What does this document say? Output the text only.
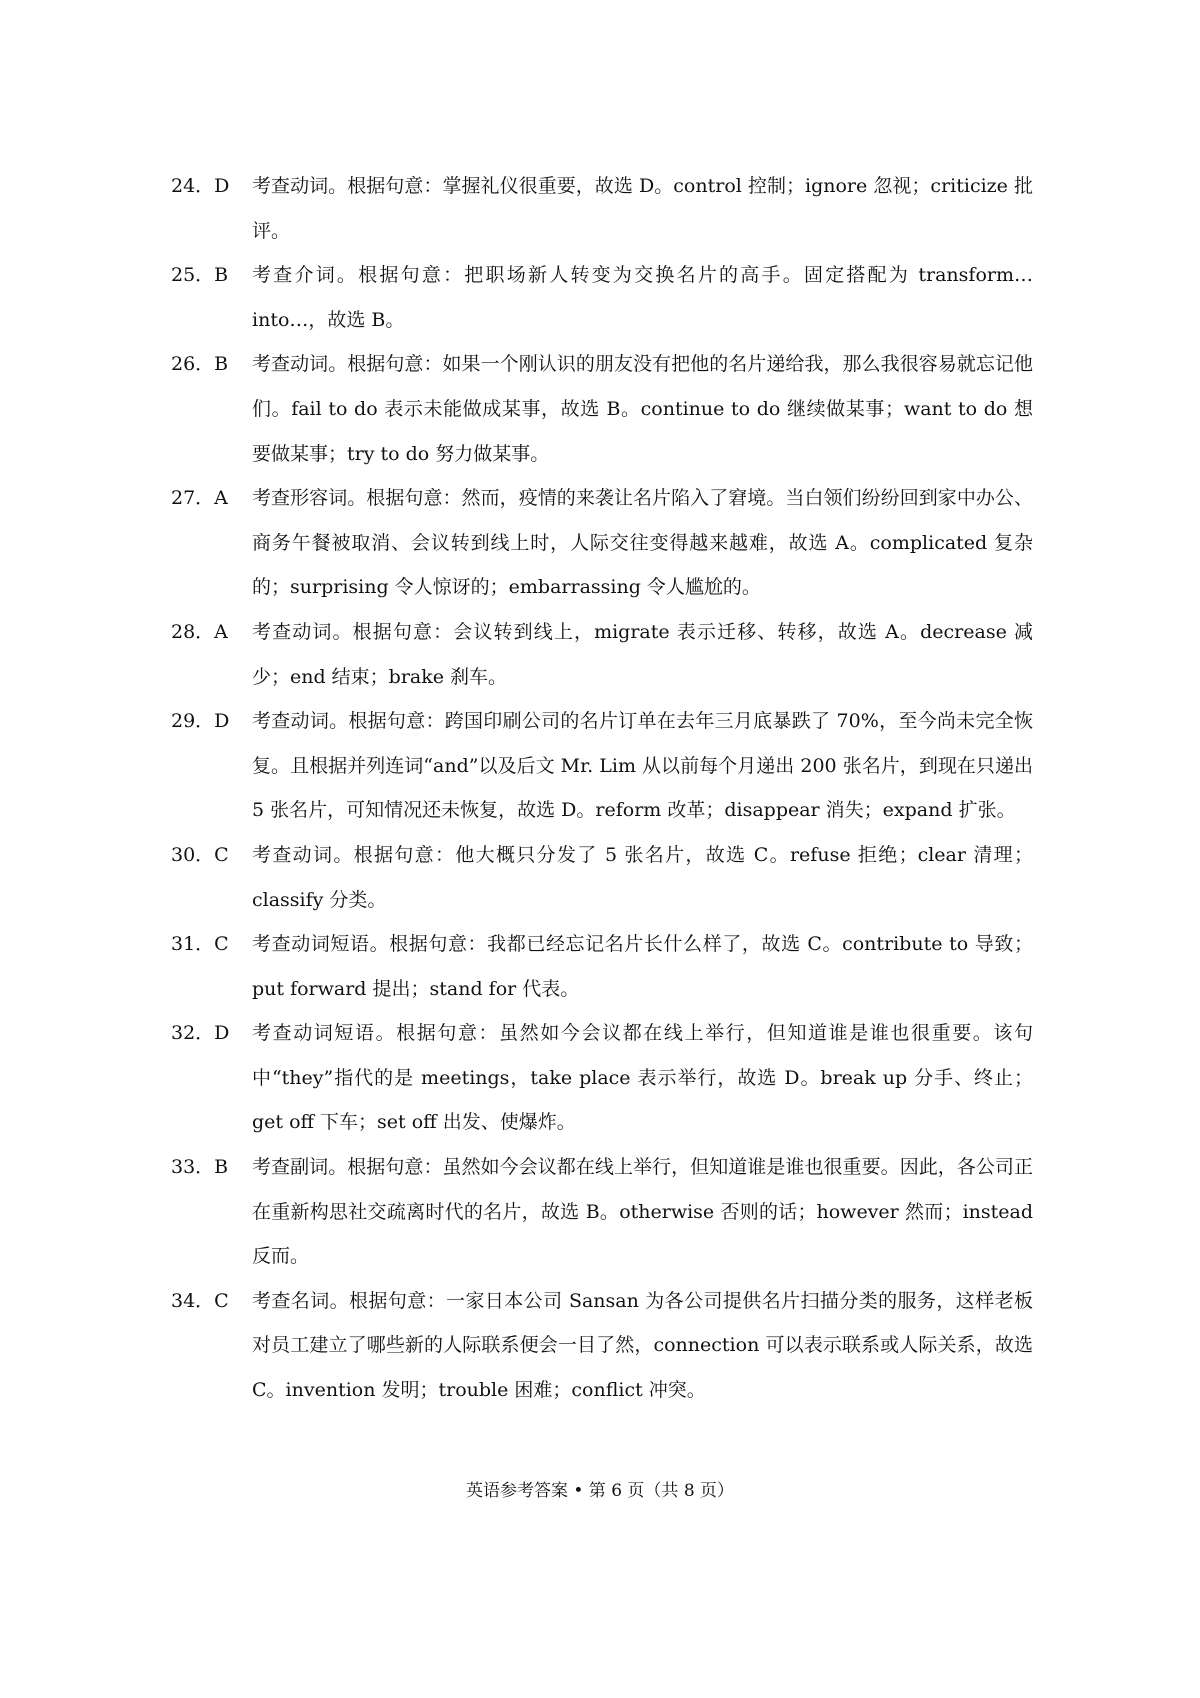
24．D	考查动词。根据句意：掌握礼仪很重要，故选 D。control 控制；ignore 忽视；criticize 批评。
25．B	考查介词。根据句意：把职场新人转变为交换名片的高手。固定搭配为 transform…into…，故选 B。
26．B	考查动词。根据句意：如果一个刚认识的朋友没有把他的名片递给我，那么我很容易就忘记他们。fail to do 表示未能做成某事，故选 B。continue to do 继续做某事；want to do 想要做某事；try to do 努力做某事。
27．A	考查形容词。根据句意：然而，疫情的来袭让名片陷入了窘境。当白领们纷纷回到家中办公、商务午餐被取消、会议转到线上时，人际交往变得越来越难，故选 A。complicated 复杂的；surprising 令人惊讶的；embarrassing 令人尴尬的。
28．A	考查动词。根据句意：会议转到线上，migrate 表示迁移、转移，故选 A。decrease 减少；end 结束；brake 刹车。
29．D	考查动词。根据句意：跨国印刷公司的名片订单在去年三月底暴跌了 70%，至今尚未完全恢复。且根据并列连词“and”以及后文 Mr. Lim 从以前每个月递出 200 张名片，到现在只递出 5 张名片，可知情况还未恢复，故选 D。reform 改革；disappear 消失；expand 扩张。
30．C	考查动词。根据句意：他大概只分发了 5 张名片，故选 C。refuse 拒绝；clear 清理；classify 分类。
31．C	考查动词短语。根据句意：我都已经忘记名片长什么样了，故选 C。contribute to 导致；put forward 提出；stand for 代表。
32．D	考查动词短语。根据句意：虽然如今会议都在线上举行，但知道谁是谁也很重要。该句中“they”指代的是 meetings，take place 表示举行，故选 D。break up 分手、终止；get off 下车；set off 出发、使爆炸。
33．B	考查副词。根据句意：虽然如今会议都在线上举行，但知道谁是谁也很重要。因此，各公司正在重新构思社交疏离时代的名片，故选 B。otherwise 否则的话；however 然而；instead 反而。
34．C	考查名词。根据句意：一家日本公司 Sansan 为各公司提供名片扫描分类的服务，这样老板对员工建立了哪些新的人际联系便会一目了然，connection 可以表示联系或人际关系，故选 C。invention 发明；trouble 困难；conflict 冲突。
英语参考答案 • 第 6 页（共 8 页）
